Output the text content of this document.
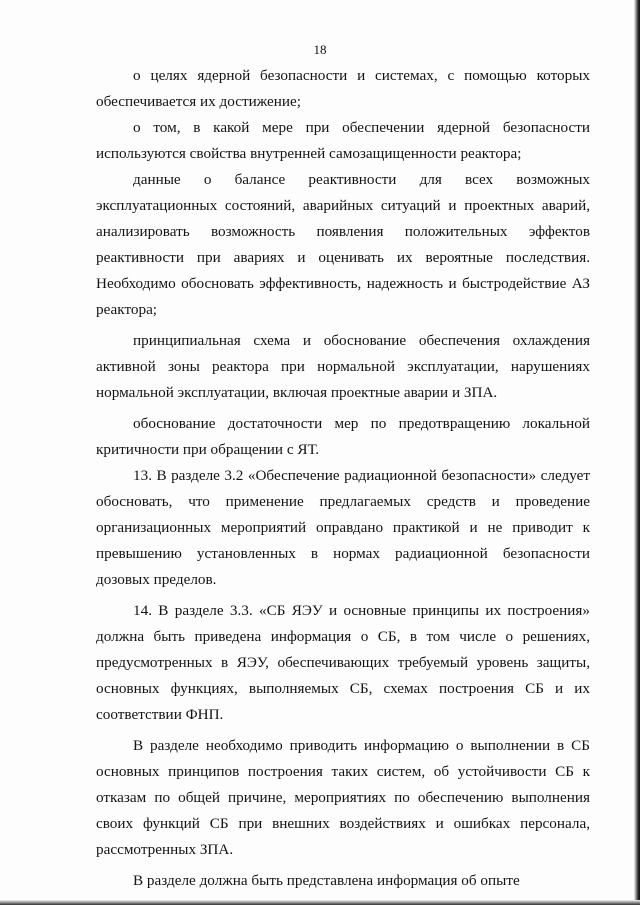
18

о целях ядерной безопасности и системах, с помощью которых обеспечивается их достижение;

о том, в какой мере при обеспечении ядерной безопасности используются свойства внутренней самозащищенности реактора;

данные о балансе реактивности для всех возможных эксплуатационных состояний, аварийных ситуаций и проектных аварий, анализировать возможность появления положительных эффектов реактивности при авариях и оценивать их вероятные последствия. Необходимо обосновать эффективность, надежность и быстродействие АЗ реактора;

принципиальная схема и обоснование обеспечения охлаждения активной зоны реактора при нормальной эксплуатации, нарушениях нормальной эксплуатации, включая проектные аварии и ЗПА.

обоснование достаточности мер по предотвращению локальной критичности при обращении с ЯТ.

13. В разделе 3.2 «Обеспечение радиационной безопасности» следует обосновать, что применение предлагаемых средств и проведение организационных мероприятий оправдано практикой и не приводит к превышению установленных в нормах радиационной безопасности дозовых пределов.

14. В разделе 3.3. «СБ ЯЭУ и основные принципы их построения» должна быть приведена информация о СБ, в том числе о решениях, предусмотренных в ЯЭУ, обеспечивающих требуемый уровень защиты, основных функциях, выполняемых СБ, схемах построения СБ и их соответствии ФНП.

В разделе необходимо приводить информацию о выполнении в СБ основных принципов построения таких систем, об устойчивости СБ к отказам по общей причине, мероприятиях по обеспечению выполнения своих функций СБ при внешних воздействиях и ошибках персонала, рассмотренных ЗПА.

В разделе должна быть представлена информация об опыте
